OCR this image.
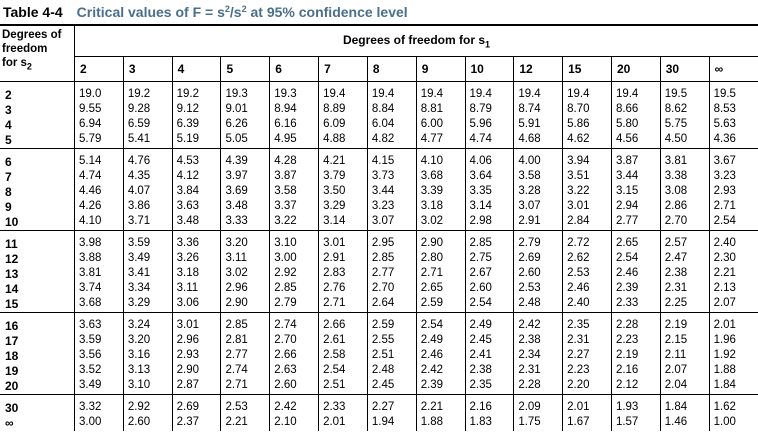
Table 4-4 Critical values of $F = s^2/s^2$ at 95% confidence level
Degrees of
freedom
for $s_2$	Degrees of freedom for $s_1$
	2	3	4	5	6	7	8	9	10	12	15	20	30	∞
2	19.0	19.2	19.2	19.3	19.3	19.4	19.4	19.4	19.4	19.4	19.4	19.4	19.5	19.5
3	9.55	9.28	9.12	9.01	8.94	8.89	8.84	8.81	8.79	8.74	8.70	8.66	8.62	8.53
4	6.94	6.59	6.39	6.26	6.16	6.09	6.04	6.00	5.96	5.91	5.86	5.80	5.75	5.63
5	5.79	5.41	5.19	5.05	4.95	4.88	4.82	4.77	4.74	4.68	4.62	4.56	4.50	4.36
6	5.14	4.76	4.53	4.39	4.28	4.21	4.15	4.10	4.06	4.00	3.94	3.87	3.81	3.67
7	4.74	4.35	4.12	3.97	3.87	3.79	3.73	3.68	3.64	3.58	3.51	3.44	3.38	3.23
8	4.46	4.07	3.84	3.69	3.58	3.50	3.44	3.39	3.35	3.28	3.22	3.15	3.08	2.93
9	4.26	3.86	3.63	3.48	3.37	3.29	3.23	3.18	3.14	3.07	3.01	2.94	2.86	2.71
10	4.10	3.71	3.48	3.33	3.22	3.14	3.07	3.02	2.98	2.91	2.84	2.77	2.70	2.54
11	3.98	3.59	3.36	3.20	3.10	3.01	2.95	2.90	2.85	2.79	2.72	2.65	2.57	2.40
12	3.88	3.49	3.26	3.11	3.00	2.91	2.85	2.80	2.75	2.69	2.62	2.54	2.47	2.30
13	3.81	3.41	3.18	3.02	2.92	2.83	2.77	2.71	2.67	2.60	2.53	2.46	2.38	2.21
14	3.74	3.34	3.11	2.96	2.85	2.76	2.70	2.65	2.60	2.53	2.46	2.39	2.31	2.13
15	3.68	3.29	3.06	2.90	2.79	2.71	2.64	2.59	2.54	2.48	2.40	2.33	2.25	2.07
16	3.63	3.24	3.01	2.85	2.74	2.66	2.59	2.54	2.49	2.42	2.35	2.28	2.19	2.01
17	3.59	3.20	2.96	2.81	2.70	2.61	2.55	2.49	2.45	2.38	2.31	2.23	2.15	1.96
18	3.56	3.16	2.93	2.77	2.66	2.58	2.51	2.46	2.41	2.34	2.27	2.19	2.11	1.92
19	3.52	3.13	2.90	2.74	2.63	2.54	2.48	2.42	2.38	2.31	2.23	2.16	2.07	1.88
20	3.49	3.10	2.87	2.71	2.60	2.51	2.45	2.39	2.35	2.28	2.20	2.12	2.04	1.84
30	3.32	2.92	2.69	2.53	2.42	2.33	2.27	2.21	2.16	2.09	2.01	1.93	1.84	1.62
∞	3.00	2.60	2.37	2.21	2.10	2.01	1.94	1.88	1.83	1.75	1.67	1.57	1.46	1.00
